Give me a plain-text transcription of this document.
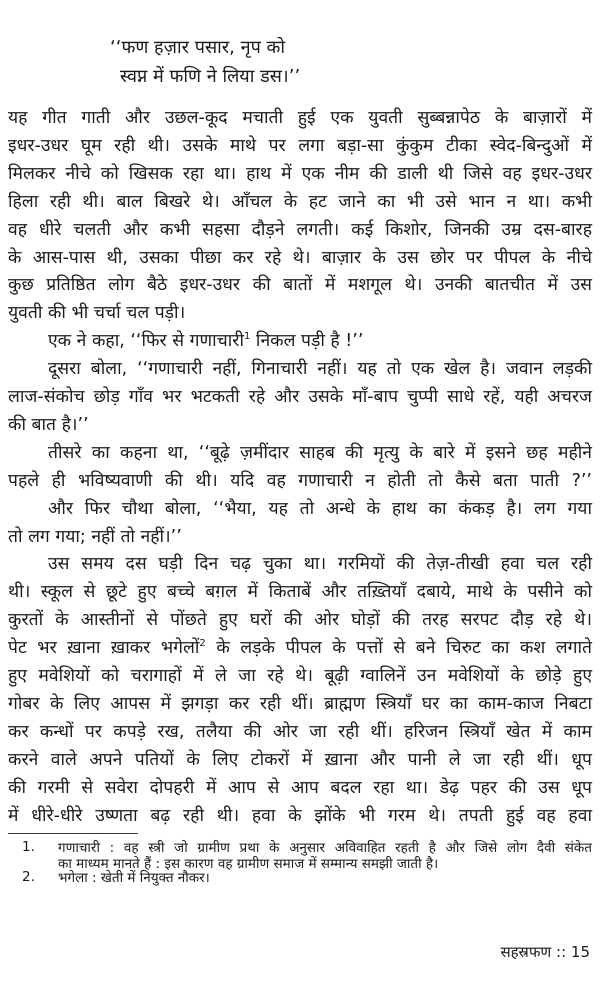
‘‘फण हज़ार पसार, नृप को
स्वप्न में फणि ने लिया डस।’’
यह गीत गाती और उछल-कूद मचाती हुई एक युवती सुब्बन्नापेठ के बाज़ारों में
इधर-उधर घूम रही थी। उसके माथे पर लगा बड़ा-सा कुंकुम टीका स्वेद-बिन्दुओं में
मिलकर नीचे को खिसक रहा था। हाथ में एक नीम की डाली थी जिसे वह इधर-उधर
हिला रही थी। बाल बिखरे थे। आँचल के हट जाने का भी उसे भान न था। कभी
वह धीरे चलती और कभी सहसा दौड़ने लगती। कई किशोर, जिनकी उम्र दस-बारह
के आस-पास थी, उसका पीछा कर रहे थे। बाज़ार के उस छोर पर पीपल के नीचे
कुछ प्रतिष्ठित लोग बैठे इधर-उधर की बातों में मशगूल थे। उनकी बातचीत में उस
युवती की भी चर्चा चल पड़ी।
एक ने कहा, ‘‘फिर से गणाचारी$^1$ निकल पड़ी है !’’
दूसरा बोला, ‘‘गणाचारी नहीं, गिनाचारी नहीं। यह तो एक खेल है। जवान लड़की
लाज-संकोच छोड़ गाँव भर भटकती रहे और उसके माँ-बाप चुप्पी साधे रहें, यही अचरज
की बात है।’’
तीसरे का कहना था, ‘‘बूढ़े ज़मींदार साहब की मृत्यु के बारे में इसने छह महीने
पहले ही भविष्यवाणी की थी। यदि वह गणाचारी न होती तो कैसे बता पाती ?’’
और फिर चौथा बोला, ‘‘भैया, यह तो अन्धे के हाथ का कंकड़ है। लग गया
तो लग गया; नहीं तो नहीं।’’
उस समय दस घड़ी दिन चढ़ चुका था। गरमियों की तेज़-तीखी हवा चल रही
थी। स्कूल से छूटे हुए बच्चे बग़ल में किताबें और तख़्तियाँ दबाये, माथे के पसीने को
कुरतों के आस्तीनों से पोंछते हुए घरों की ओर घोड़ों की तरह सरपट दौड़ रहे थे।
पेट भर ख़ाना ख़ाकर भगेलों$^2$ के लड़के पीपल के पत्तों से बने चिरुट का कश लगाते
हुए मवेशियों को चरागाहों में ले जा रहे थे। बूढ़ी ग्वालिनें उन मवेशियों के छोड़े हुए
गोबर के लिए आपस में झगड़ा कर रही थीं। ब्राह्मण स्त्रियाँ घर का काम-काज निबटा
कर कन्धों पर कपड़े रख, तलैया की ओर जा रही थीं। हरिजन स्त्रियाँ खेत में काम
करने वाले अपने पतियों के लिए टोकरों में ख़ाना और पानी ले जा रही थीं। धूप
की गरमी से सवेरा दोपहरी में आप से आप बदल रहा था। डेढ़ पहर की उस धूप
में धीरे-धीरे उष्णता बढ़ रही थी। हवा के झोंके भी गरम थे। तपती हुई वह हवा
1. गणाचारी : वह स्त्री जो ग्रामीण प्रथा के अनुसार अविवाहित रहती है और जिसे लोग दैवी संकेत
का माध्यम मानते हैं : इस कारण वह ग्रामीण समाज में सम्मान्य समझी जाती है।
2. भगेला : खेती में नियुक्त नौकर।
सहस्रफण :: 15
